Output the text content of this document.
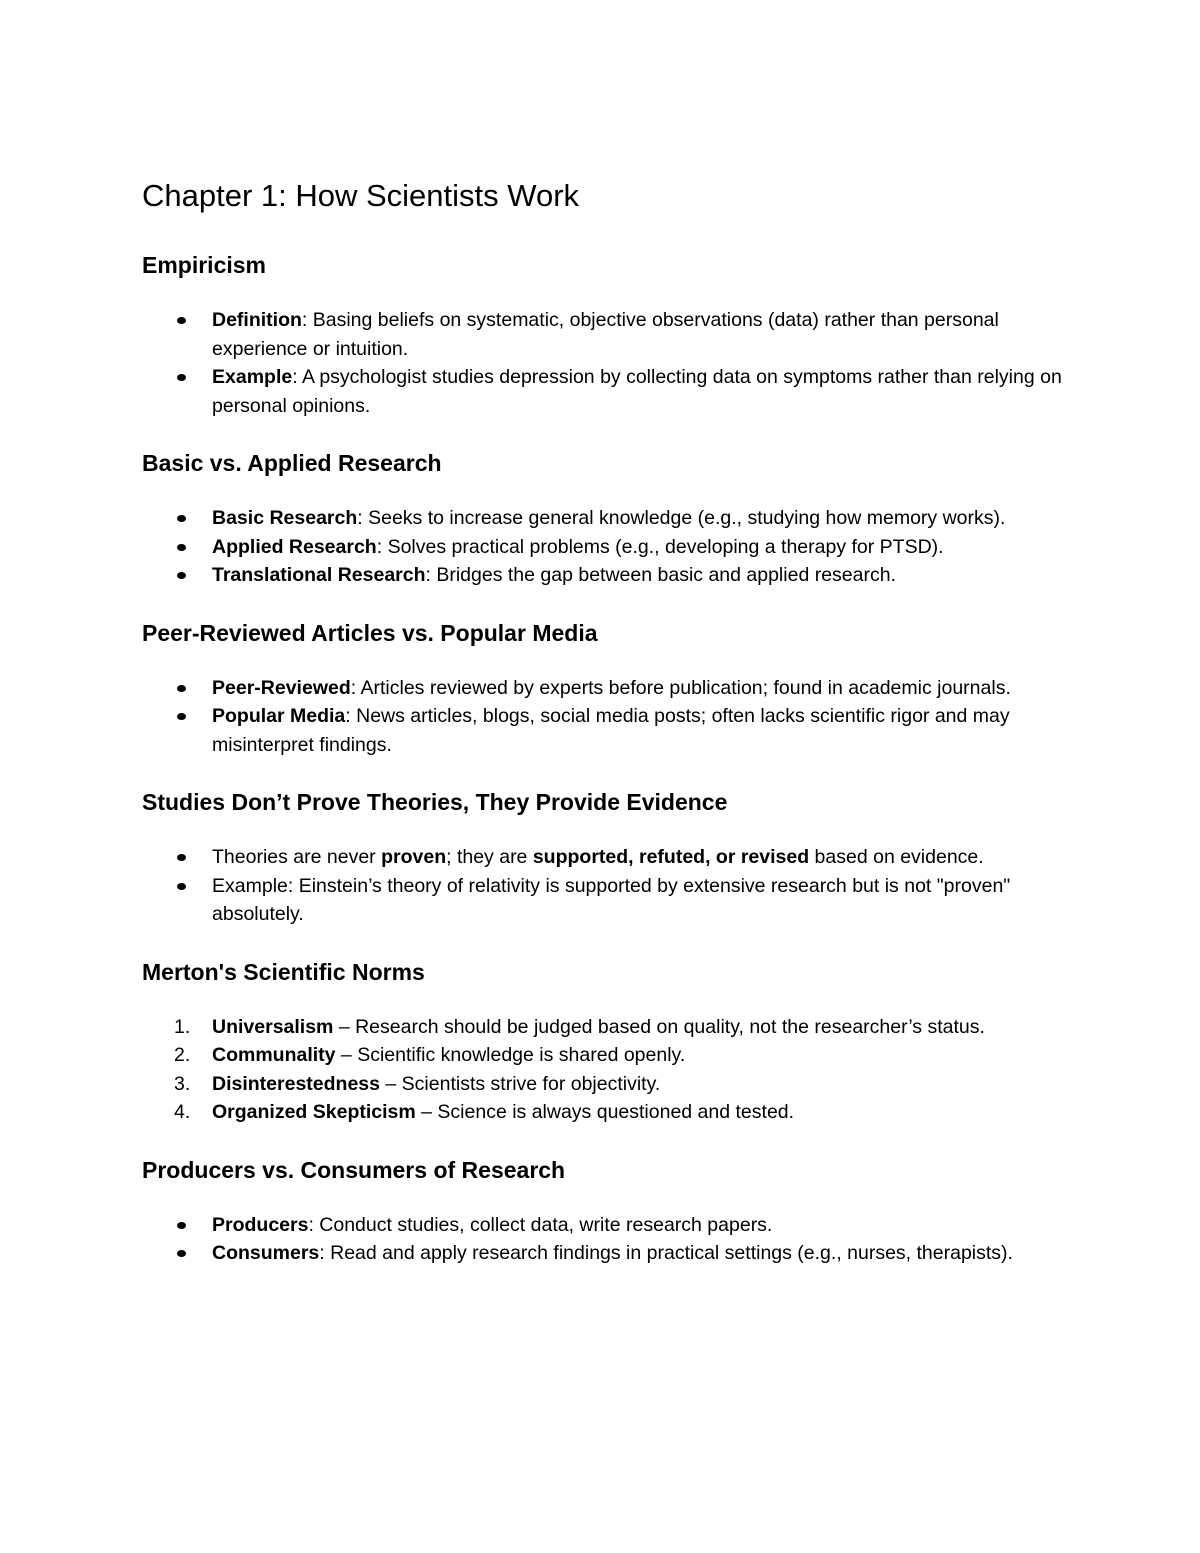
Chapter 1: How Scientists Work
Empiricism
Definition: Basing beliefs on systematic, objective observations (data) rather than personal experience or intuition.
Example: A psychologist studies depression by collecting data on symptoms rather than relying on personal opinions.
Basic vs. Applied Research
Basic Research: Seeks to increase general knowledge (e.g., studying how memory works).
Applied Research: Solves practical problems (e.g., developing a therapy for PTSD).
Translational Research: Bridges the gap between basic and applied research.
Peer-Reviewed Articles vs. Popular Media
Peer-Reviewed: Articles reviewed by experts before publication; found in academic journals.
Popular Media: News articles, blogs, social media posts; often lacks scientific rigor and may misinterpret findings.
Studies Don’t Prove Theories, They Provide Evidence
Theories are never proven; they are supported, refuted, or revised based on evidence.
Example: Einstein’s theory of relativity is supported by extensive research but is not "proven" absolutely.
Merton's Scientific Norms
1. Universalism – Research should be judged based on quality, not the researcher’s status.
2. Communality – Scientific knowledge is shared openly.
3. Disinterestedness – Scientists strive for objectivity.
4. Organized Skepticism – Science is always questioned and tested.
Producers vs. Consumers of Research
Producers: Conduct studies, collect data, write research papers.
Consumers: Read and apply research findings in practical settings (e.g., nurses, therapists).
